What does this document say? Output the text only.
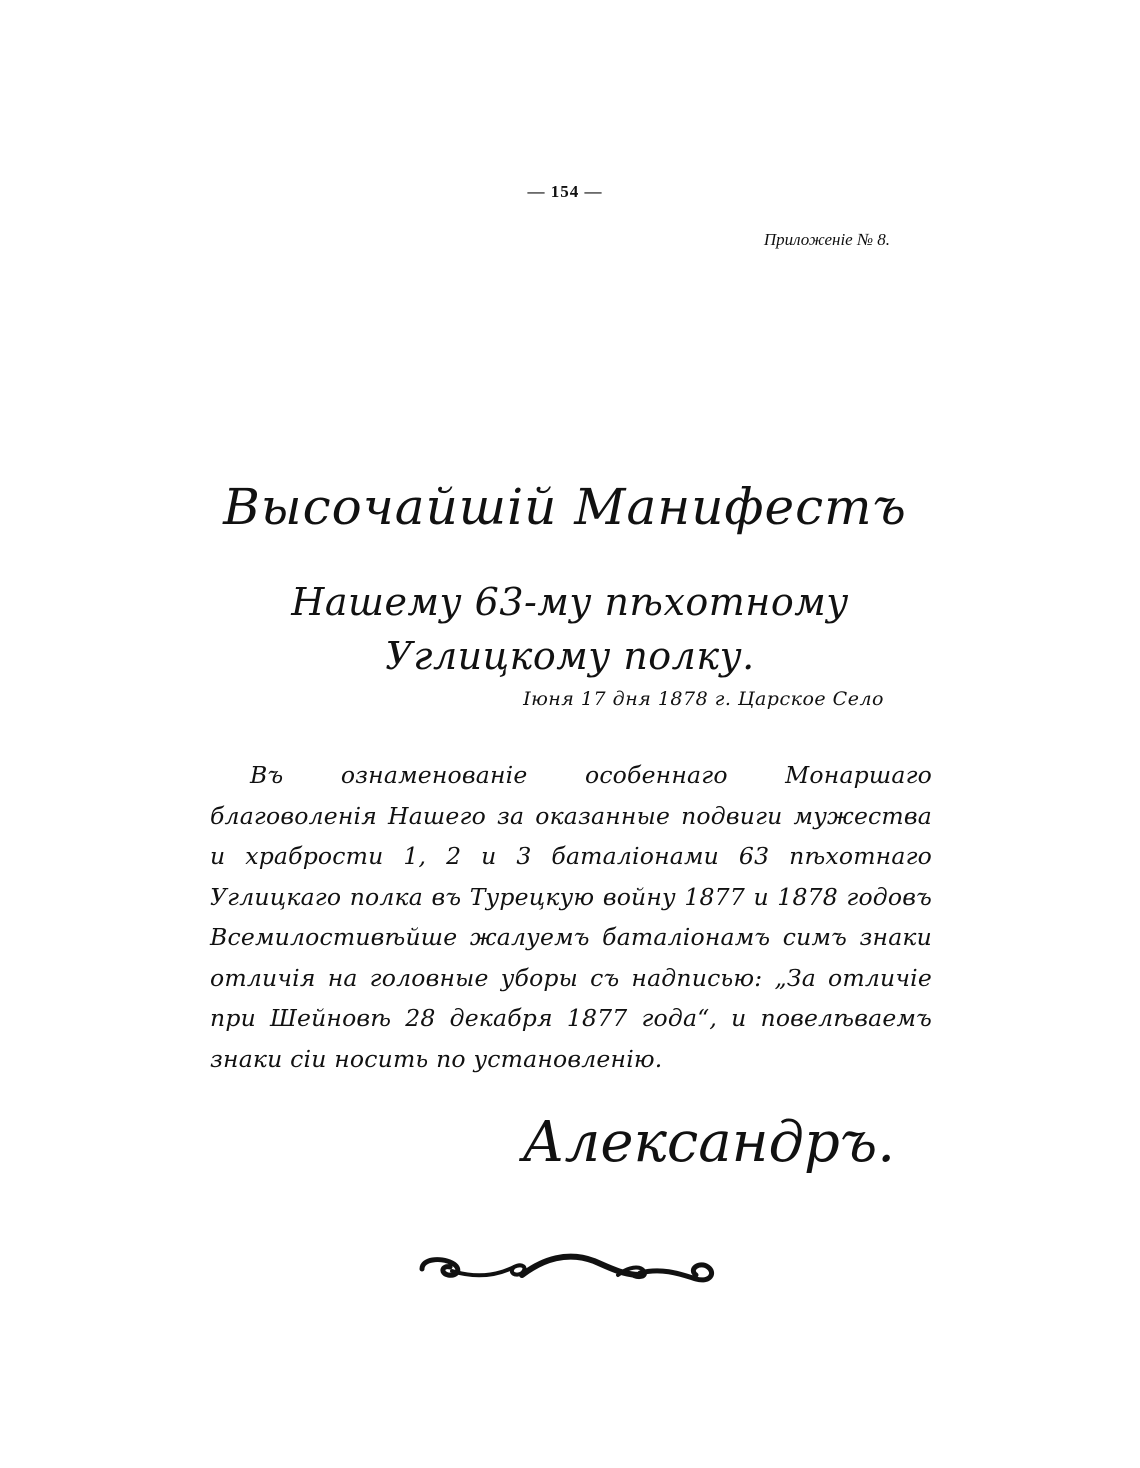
— 154 —
Приложеніе № 8.
Высочайшій Манифестъ
Нашему 63-му пѣхотному Углицкому полку.
Іюня 17 дня 1878 г. Царское Село

Въ ознаменованіе особеннаго Монаршаго благоволенія Нашего за оказанные подвиги мужества и храбрости 1, 2 и 3 баталіонами 63 пѣхотнаго Углицкаго полка въ Турецкую войну 1877 и 1878 годовъ Всемилостивѣйше жалуемъ баталіонамъ симъ знаки отличія на головные уборы съ надписью: „За отличіе при Шейновѣ 28 декабря 1877 года“, и повелѣваемъ знаки сіи носить по установленію.

Александръ.
